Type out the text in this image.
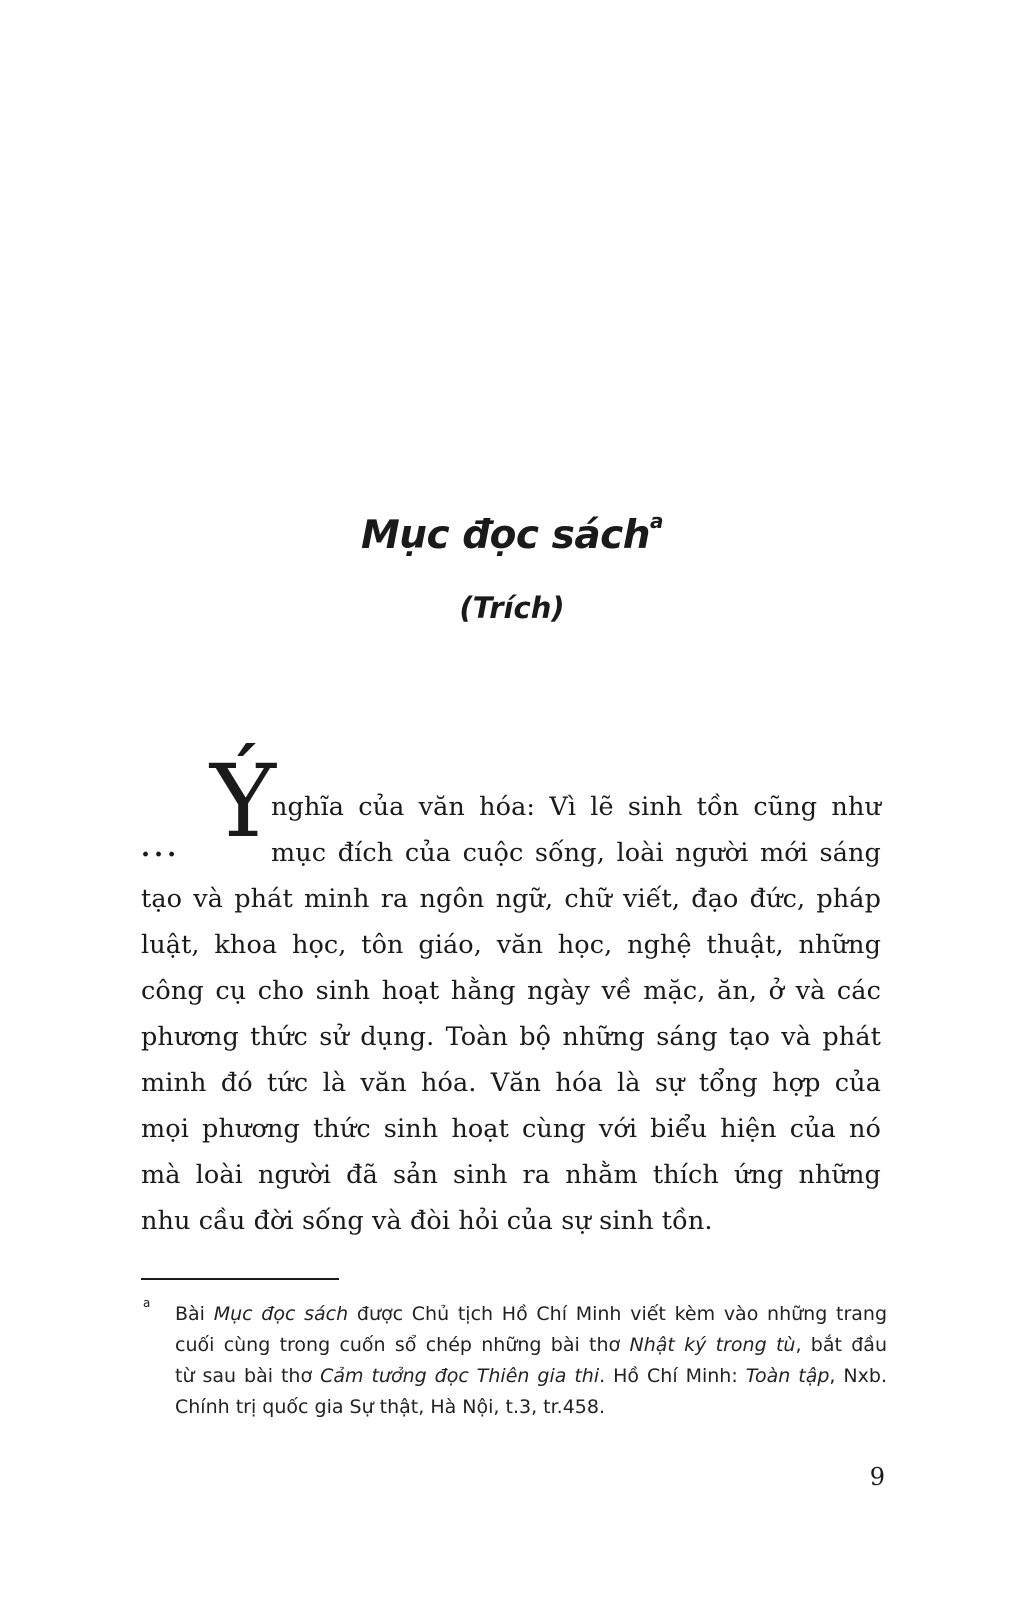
Mục đọc sách$^a$
(Trích)
... Ý
nghĩa của văn hóa: Vì lẽ sinh tồn cũng như
mục đích của cuộc sống, loài người mới sáng
tạo và phát minh ra ngôn ngữ, chữ viết, đạo đức, pháp
luật, khoa học, tôn giáo, văn học, nghệ thuật, những
công cụ cho sinh hoạt hằng ngày về mặc, ăn, ở và các
phương thức sử dụng. Toàn bộ những sáng tạo và phát
minh đó tức là văn hóa. Văn hóa là sự tổng hợp của
mọi phương thức sinh hoạt cùng với biểu hiện của nó
mà loài người đã sản sinh ra nhằm thích ứng những
nhu cầu đời sống và đòi hỏi của sự sinh tồn.
a Bài Mục đọc sách được Chủ tịch Hồ Chí Minh viết kèm vào những trang
cuối cùng trong cuốn sổ chép những bài thơ Nhật ký trong tù, bắt đầu
từ sau bài thơ Cảm tưởng đọc Thiên gia thi. Hồ Chí Minh: Toàn tập, Nxb.
Chính trị quốc gia Sự thật, Hà Nội, t.3, tr.458.
9
